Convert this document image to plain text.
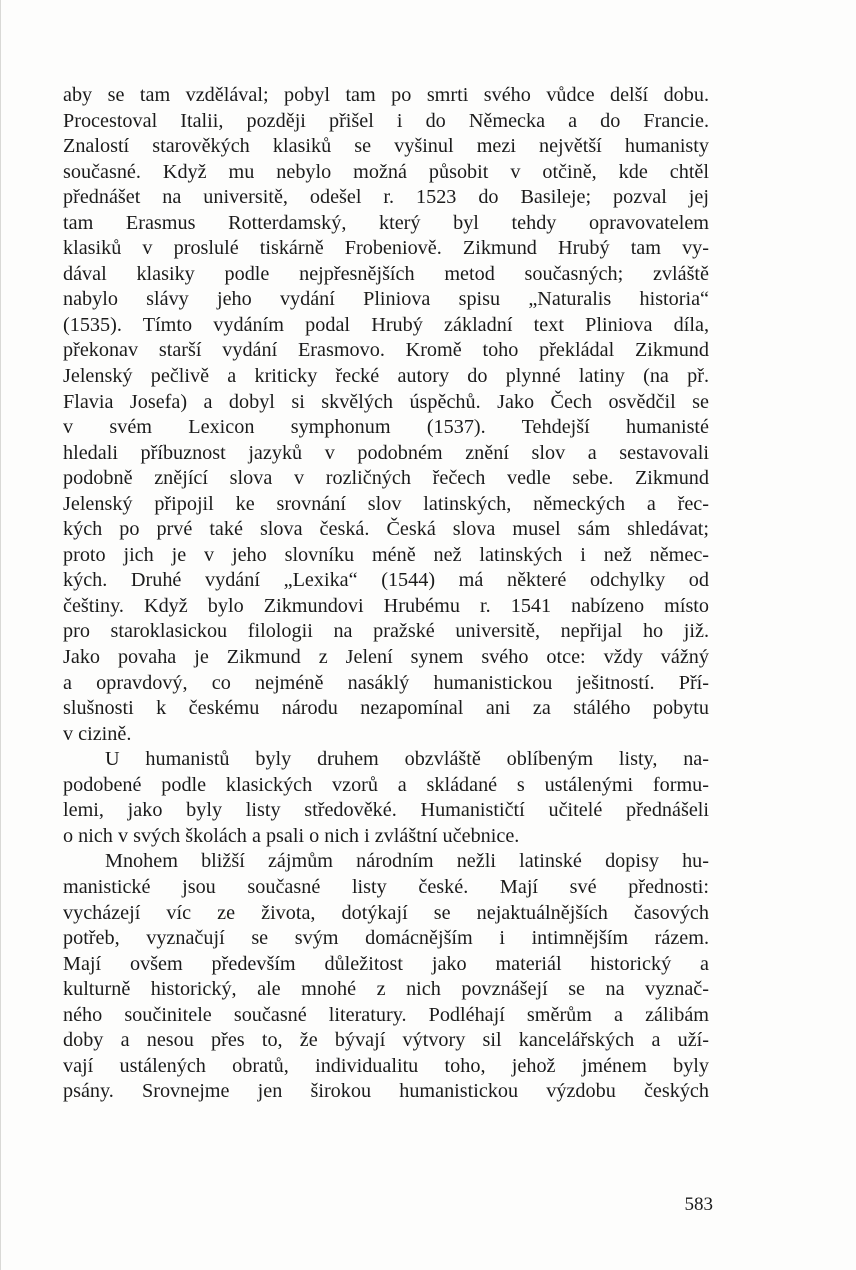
aby se tam vzdělával; pobyl tam po smrti svého vůdce delší dobu.
Procestoval Italii, později přišel i do Německa a do Francie.
Znalostí starověkých klasiků se vyšinul mezi největší humanisty
současné. Když mu nebylo možná působit v otčině, kde chtěl
přednášet na universitě, odešel r. 1523 do Basileje; pozval jej
tam Erasmus Rotterdamský, který byl tehdy opravovatelem
klasiků v proslulé tiskárně Frobeniově. Zikmund Hrubý tam vy-
dával klasiky podle nejpřesnějších metod současných; zvláště
nabylo slávy jeho vydání Pliniova spisu „Naturalis historia“
(1535). Tímto vydáním podal Hrubý základní text Pliniova díla,
překonav starší vydání Erasmovo. Kromě toho překládal Zikmund
Jelenský pečlivě a kriticky řecké autory do plynné latiny (na př.
Flavia Josefa) a dobyl si skvělých úspěchů. Jako Čech osvědčil se
v svém Lexicon symphonum (1537). Tehdejší humanisté
hledali příbuznost jazyků v podobném znění slov a sestavovali
podobně znějící slova v rozličných řečech vedle sebe. Zikmund
Jelenský připojil ke srovnání slov latinských, německých a řec-
kých po prvé také slova česká. Česká slova musel sám shledávat;
proto jich je v jeho slovníku méně než latinských i než němec-
kých. Druhé vydání „Lexika“ (1544) má některé odchylky od
češtiny. Když bylo Zikmundovi Hrubému r. 1541 nabízeno místo
pro staroklasickou filologii na pražské universitě, nepřijal ho již.
Jako povaha je Zikmund z Jelení synem svého otce: vždy vážný
a opravdový, co nejméně nasáklý humanistickou ješitností. Pří-
slušnosti k českému národu nezapomínal ani za stálého pobytu
v cizině.
U humanistů byly druhem obzvláště oblíbeným listy, na-
podobené podle klasických vzorů a skládané s ustálenými formu-
lemi, jako byly listy středověké. Humanističtí učitelé přednášeli
o nich v svých školách a psali o nich i zvláštní učebnice.
Mnohem bližší zájmům národním nežli latinské dopisy hu-
manistické jsou současné listy české. Mají své přednosti:
vycházejí víc ze života, dotýkají se nejaktuálnějších časových
potřeb, vyznačují se svým domácnějším i intimnějším rázem.
Mají ovšem především důležitost jako materiál historický a
kulturně historický, ale mnohé z nich povznášejí se na vyznač-
ného součinitele současné literatury. Podléhají směrům a zálibám
doby a nesou přes to, že bývají výtvory sil kancelářských a uží-
vají ustálených obratů, individualitu toho, jehož jménem byly
psány. Srovnejme jen širokou humanistickou výzdobu českých
583
